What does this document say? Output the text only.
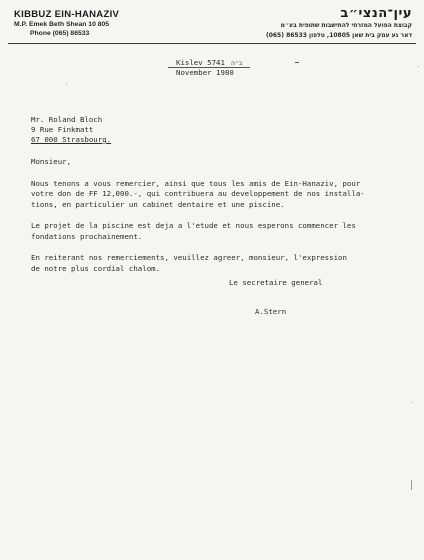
KIBBUZ EIN-HANAZIV
M.P. Emek Beth Shean 10 805
Phone (065) 86533
עין־הנצי״ב
קבוצת הפועל המזרחי להתישבות שתופית בע״מ
דאר נע עמק בית שאן 10805, טלפון 86533 (065)
Kislev 5741 ב״ה
November 1980
Mr. Roland Bloch
9 Rue Finkmatt
67 000 Strasbourg.

Monsieur,

Nous tenons a vous remercier, ainsi que tous les amis de Ein-Hanaziv, pour
votre don de FF 12,000.-, qui contribuera au developpement de nos installa-
tions, en particulier un cabinet dentaire et une piscine.

Le projet de la piscine est deja a l'etude et nous esperons commencer les
fondations prochainement.

En reiterant nos remerciements, veuillez agreer, monsieur, l'expression
de notre plus cordial chalom.

Le secretaire general
A.Stern
